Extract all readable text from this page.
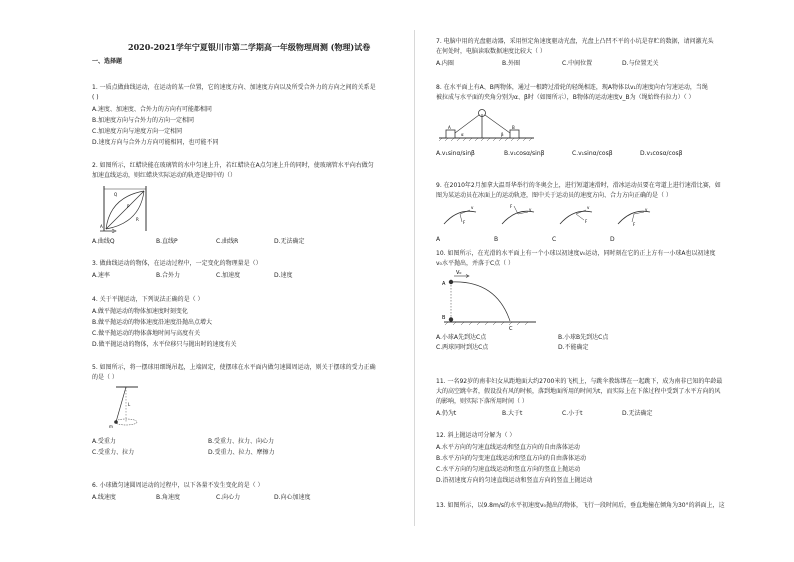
2020-2021学年宁夏银川市第二学期高一年级物理周测 (物理)试卷
一、选择题
1. 一质点做曲线运动，在运动的某一位置，它的速度方向、加速度方向以及所受合外力的方向之间的关系是
( )
A.速度、加速度、合外力的方向有可能都相同
B.加速度方向与合外力的方向一定相同
C.加速度方向与速度方向一定相同
D.速度方向与合外力方向可能相同，也可能不同
2. 如图所示，红蜡块能在玻璃管的水中匀速上升，若红蜡块在A点匀速上升的同时，使玻璃管水平向右做匀
加速直线运动，则红蜡块实际运动的轨迹是图中的（）
A
Q
P
R
A.曲线Q	B.直线P	C.曲线R	D.无法确定
3. 做曲线运动的物体，在运动过程中，一定变化的物理量是（）
A.速率	B.合外力	C.加速度	D.速度
4. 关于平抛运动，下列说法正确的是（ ）
A.做平抛运动的物体加速度时刻变化
B.做平抛运动的物体速度沿速度沿抛出点增大
C.做平抛运动的物体落地时间与高度有关
D.做平抛运动的物体，水平位移只与抛出时的速度有关
5. 如图所示，将一摆球用细绳吊起，上端固定，使摆球在水平面内做匀速圆周运动，则关于摆球的受力正确
的是（ ）
L
m
A.受重力	B.受重力、拉力、向心力
C.受重力、拉力	D.受重力、拉力、摩擦力
6. 小球做匀速圆周运动的过程中，以下各量不发生变化的是（ ）
A.线速度	B.角速度	C.向心力	D.向心加速度
7. 电脑中用的光盘驱动器，采用恒定角速度驱动光盘，光盘上凸凹不平的小坑是存贮的数据，请问激光头
在何处时，电脑读取数据速度比较大（ ）
A.内圈	B.外圈	C.中间位置	D.与位置无关
8. 在水平面上有A、B两物体，通过一根跨过滑轮的轻绳相连，现A物体以v₁的速度向右匀速运动，当绳
被拉成与水平面的夹角分别为α、β时（如图所示），B物体的运动速度v_B为（绳始终有拉力）（ ）
A	B
α	β
A.v₁sinα/sinβ	B.v₁cosα/sinβ	C.v₁sinα/cosβ	D.v₁cosα/cosβ
9. 在2010年2月加拿大温哥华举行的冬奥会上，进行短道速滑时，滑冰运动员要在弯道上进行速滑比赛，如
图为某运动员在冰面上的运动轨迹，图中关于运动员的速度方向、合力方向正确的是（ ）
v
F
v
F	v
F
v
F
A	B	C	D
10. 如图所示，在光滑的水平面上有一个小球以初速度v₀运动，同时刻在它的正上方有一小球A也以初速度
v₀水平抛出，并落于C点（ ）
V₀
A
B
C
A.小球A先到达C点	B.小球B先到达C点
C.两球同时到达C点	D.不能确定
11. 一名92岁的南非妇女从距地面大约2700米的飞机上，与跳伞教练绑在一起跳下，成为南非已知的年龄最
大的高空跳伞者，假设没有风的时候，落到地面所用的时间为t，而实际上在下落过程中受到了水平方向的风
的影响，则实际下落所用时间（ ）
A.仍为t	B.大于t	C.小于t	D.无法确定
12. 斜上抛运动可分解为（ ）
A.水平方向的匀速直线运动和竖直方向的自由落体运动
B.水平方向的匀变速直线运动和竖直方向的自由落体运动
C.水平方向的匀速直线运动和竖直方向的竖直上抛运动
D.沿初速度方向的匀速直线运动和竖直方向的竖直上抛运动
13. 如图所示，以9.8m/s的水平初速度v₀抛出的物体，飞行一段时间后，垂直地撞在倾角为30°的斜面上，这
